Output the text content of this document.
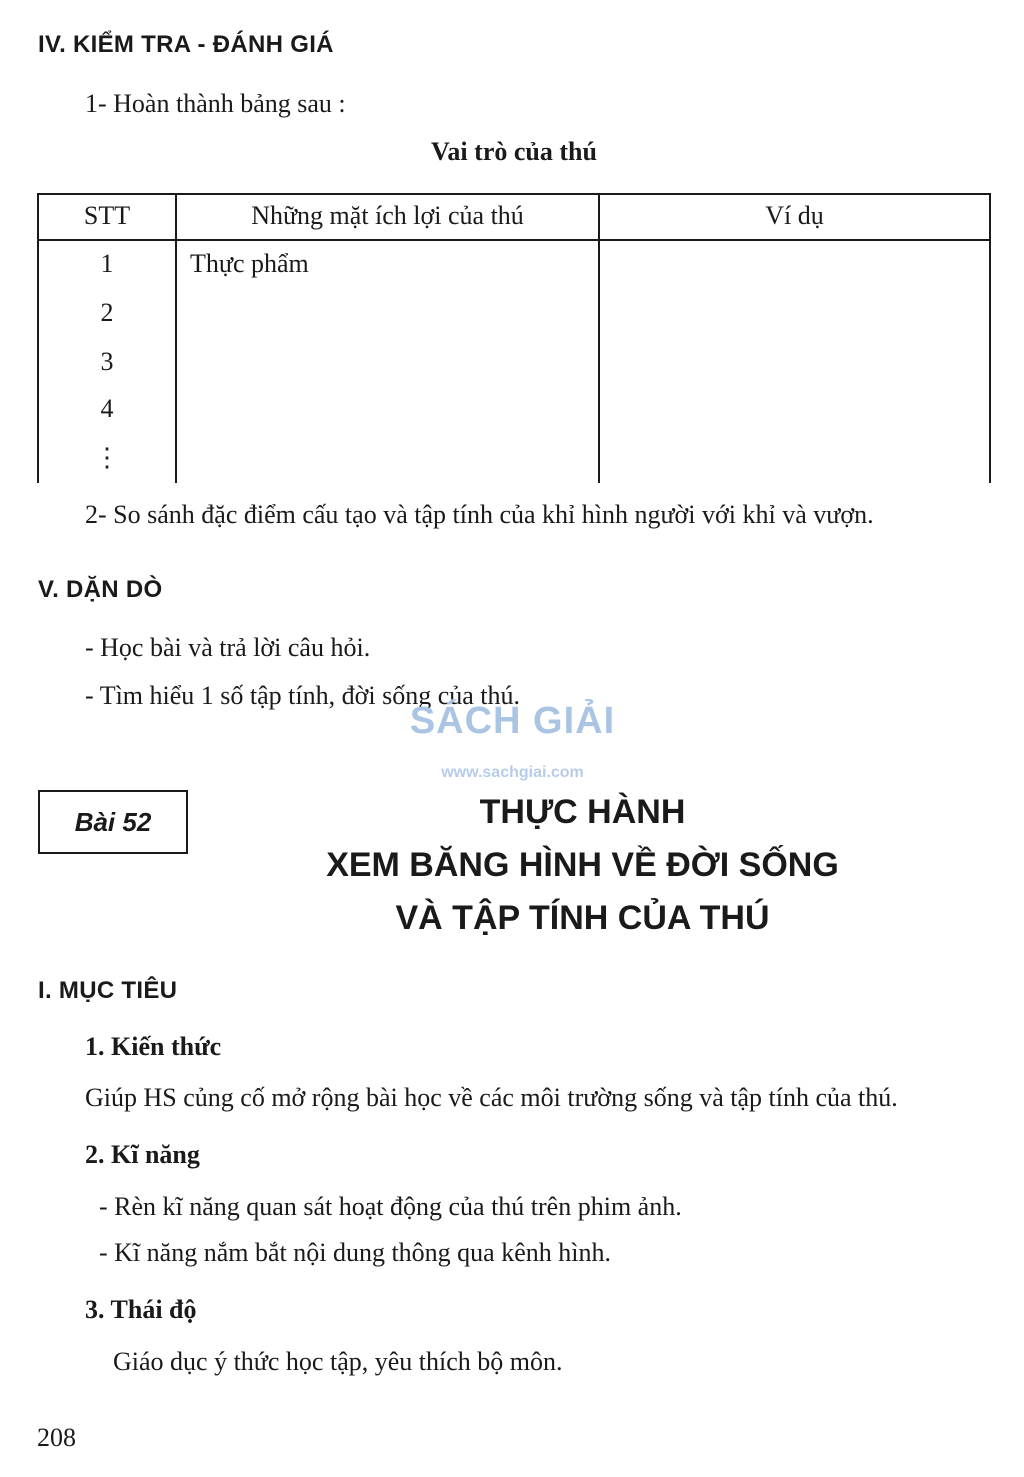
IV. KIỂM TRA - ĐÁNH GIÁ
1- Hoàn thành bảng sau :
Vai trò của thú
STT	Những mặt ích lợi của thú	Ví dụ
1	Thực phẩm
2
3
4
⋮
2- So sánh đặc điểm cấu tạo và tập tính của khỉ hình người với khỉ và vượn.
V. DẶN DÒ
- Học bài và trả lời câu hỏi.
- Tìm hiểu 1 số tập tính, đời sống của thú.
SÁCH GIẢI
www.sachgiai.com
Bài 52	THỰC HÀNH
XEM BĂNG HÌNH VỀ ĐỜI SỐNG
VÀ TẬP TÍNH CỦA THÚ
I. MỤC TIÊU
1. Kiến thức
Giúp HS củng cố mở rộng bài học về các môi trường sống và tập tính của thú.
2. Kĩ năng
- Rèn kĩ năng quan sát hoạt động của thú trên phim ảnh.
- Kĩ năng nắm bắt nội dung thông qua kênh hình.
3. Thái độ
Giáo dục ý thức học tập, yêu thích bộ môn.
208
